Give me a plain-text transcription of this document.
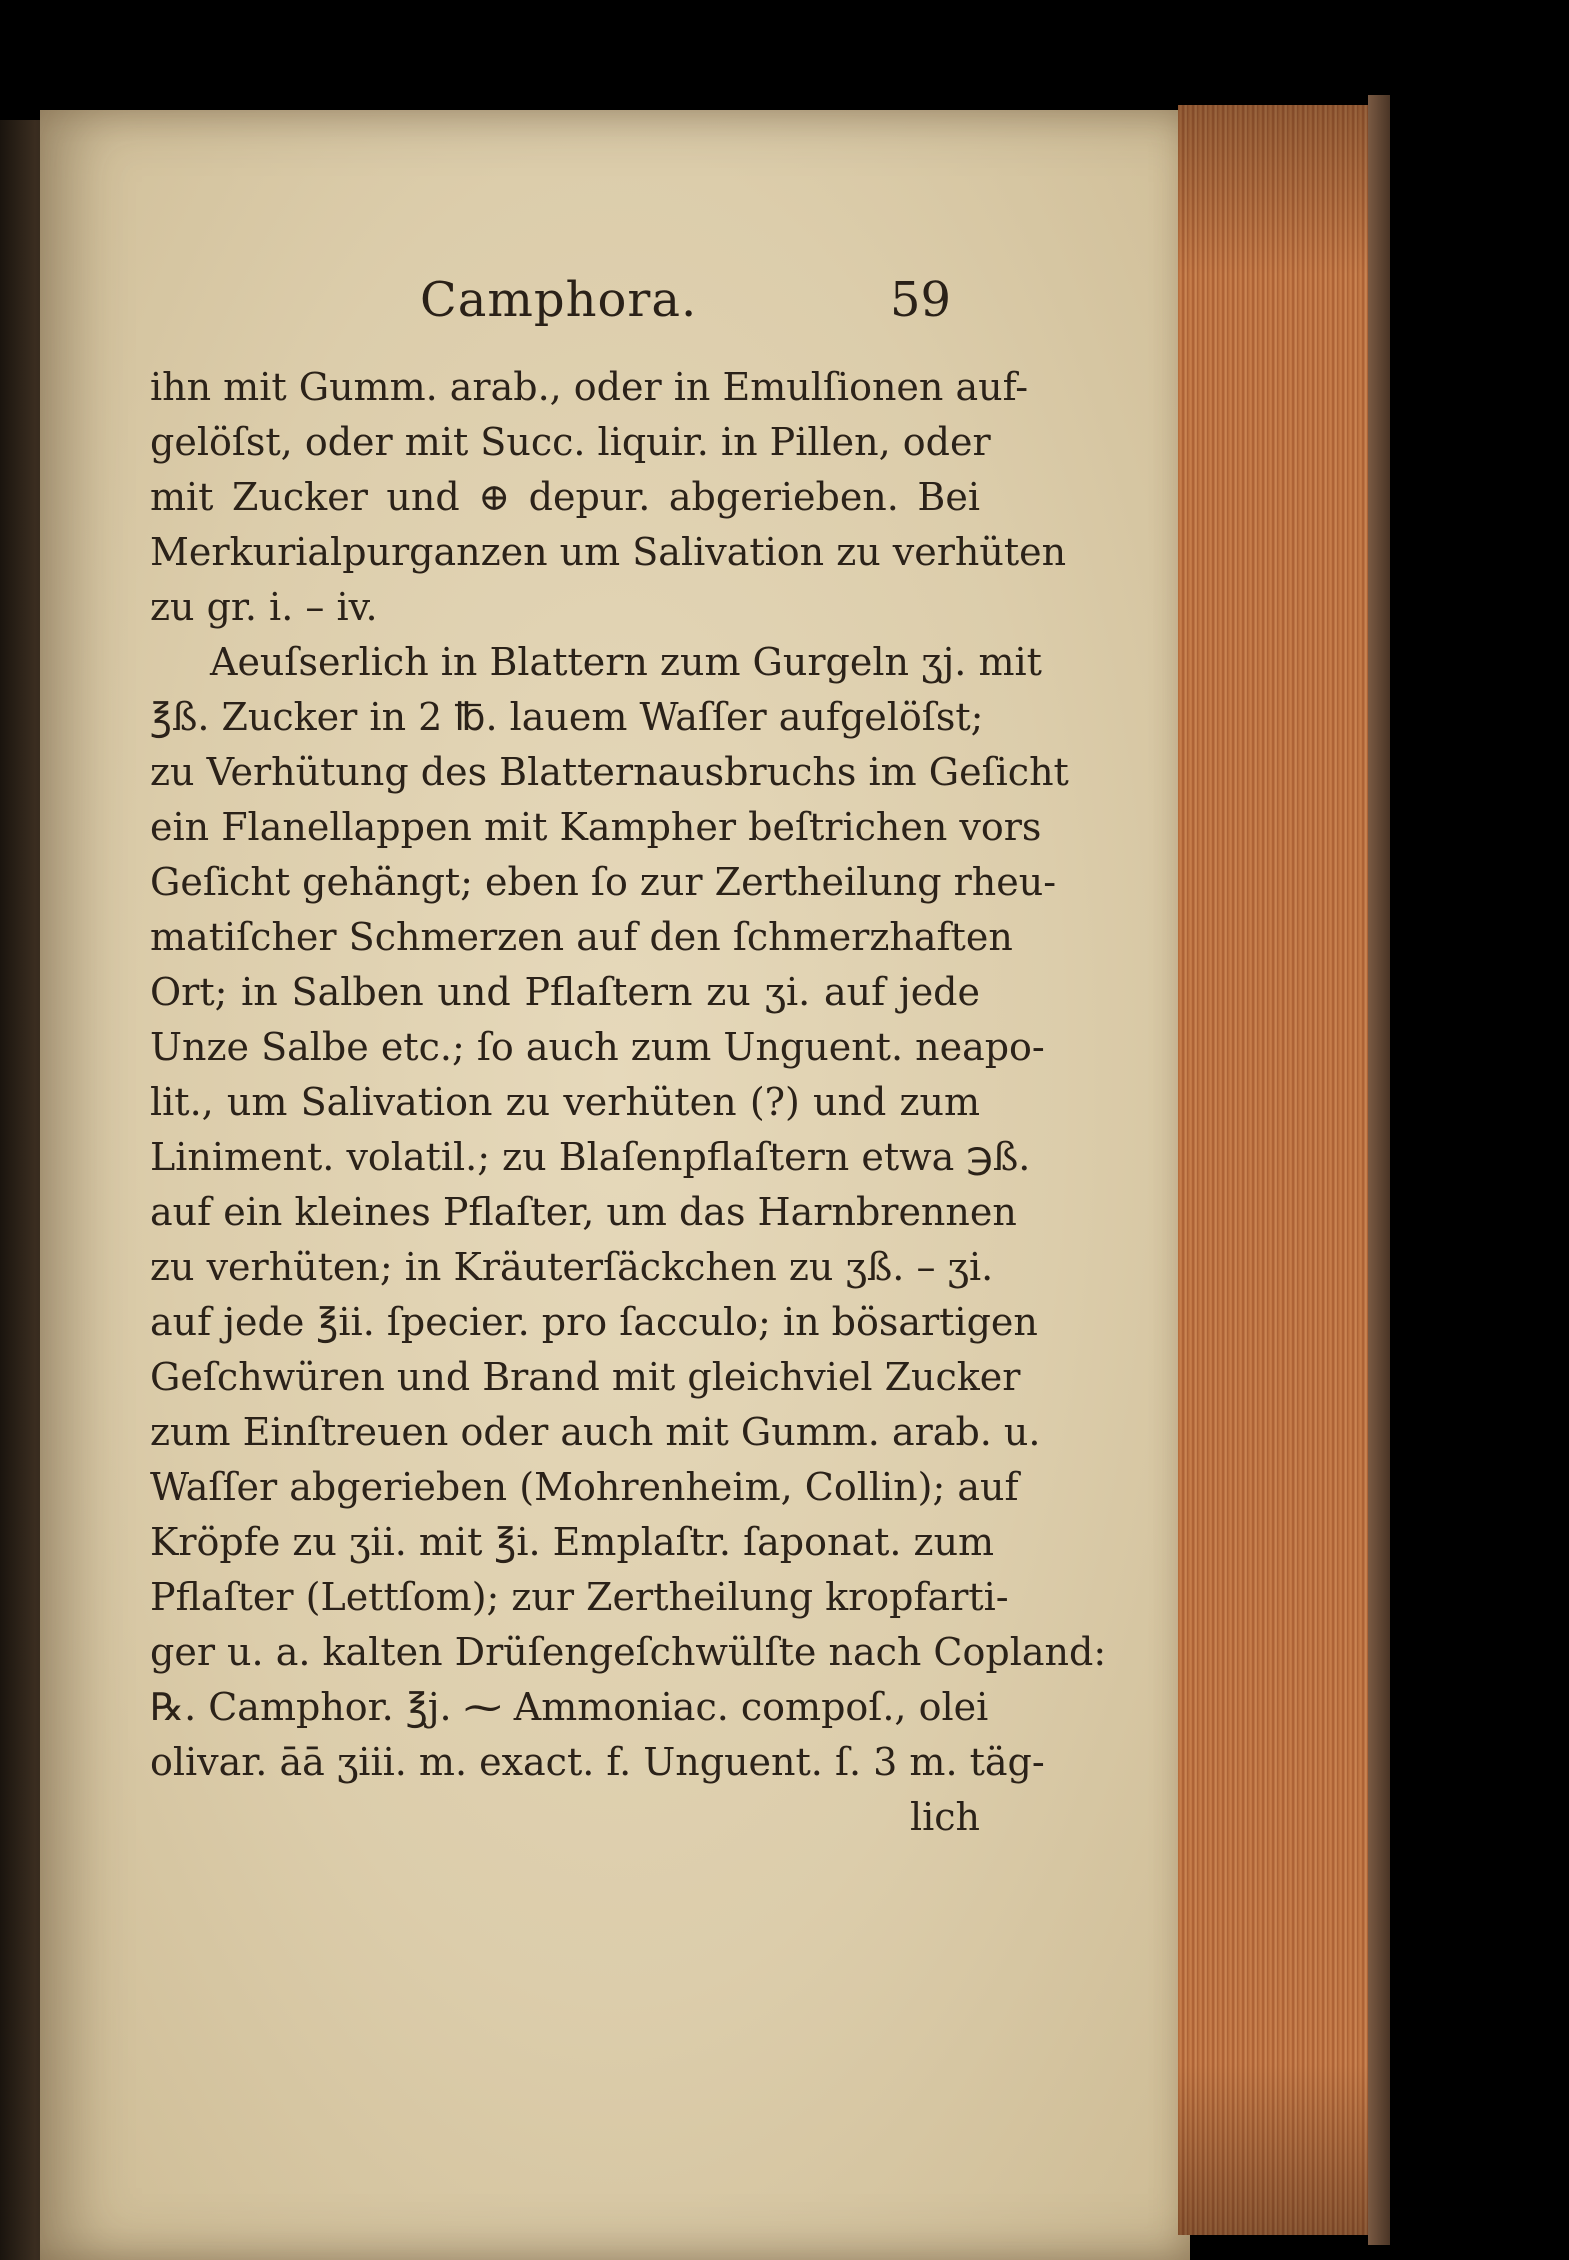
Camphora.	59
ihn mit Gumm. arab., oder in Emulſionen auf-
gelöſst, oder mit Succ. liquir. in Pillen, oder
mit Zucker und ⊕ depur. abgerieben. Bei
Merkurialpurganzen um Salivation zu verhüten
zu gr. i. – iv.
Aeuſserlich in Blattern zum Gurgeln ʒj. mit
℥ß. Zucker in 2 ℔. lauem Waſſer aufgelöſst;
zu Verhütung des Blatternausbruchs im Geſicht
ein Flanellappen mit Kampher beſtrichen vors
Geſicht gehängt; eben ſo zur Zertheilung rheu-
matiſcher Schmerzen auf den ſchmerzhaften
Ort; in Salben und Pflaſtern zu ʒi. auf jede
Unze Salbe etc.; ſo auch zum Unguent. neapo-
lit., um Salivation zu verhüten (?) und zum
Liniment. volatil.; zu Blaſenpflaſtern etwa ℈ß.
auf ein kleines Pflaſter, um das Harnbrennen
zu verhüten; in Kräuterſäckchen zu ʒß. – ʒi.
auf jede ℥ii. ſpecier. pro ſacculo; in bösartigen
Geſchwüren und Brand mit gleichviel Zucker
zum Einſtreuen oder auch mit Gumm. arab. u.
Waſſer abgerieben (Mohrenheim, Collin); auf
Kröpfe zu ʒii. mit ℥i. Emplaſtr. ſaponat. zum
Pflaſter (Lettſom); zur Zertheilung kropfarti-
ger u. a. kalten Drüſengeſchwülſte nach Copland:
℞. Camphor. ℥j. ⁓ Ammoniac. compoſ., olei
olivar. āā ʒiii. m. exact. f. Unguent. ſ. 3 m. täg-
lich
